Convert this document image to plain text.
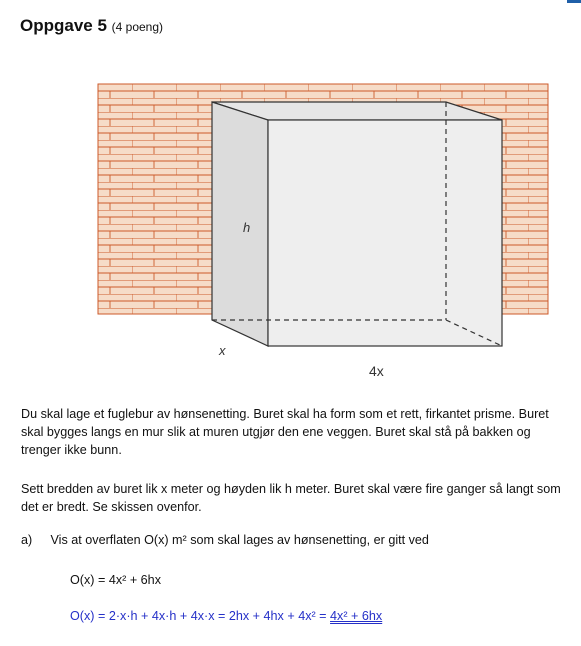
Oppgave 5 (4 poeng)
h
x
4x
Du skal lage et fuglebur av hønsenetting. Buret skal ha form som et rett, firkantet prisme. Buret skal bygges langs en mur slik at muren utgjør den ene veggen. Buret skal stå på bakken og trenger ikke bunn.
Sett bredden av buret lik x meter og høyden lik h meter. Buret skal være fire ganger så langt som det er bredt. Se skissen ovenfor.
a) Vis at overflaten O(x) m² som skal lages av hønsenetting, er gitt ved
O(x) = 4x² + 6hx
O(x) = 2·x·h + 4x·h + 4x·x = 2hx + 4hx + 4x² = 4x² + 6hx
